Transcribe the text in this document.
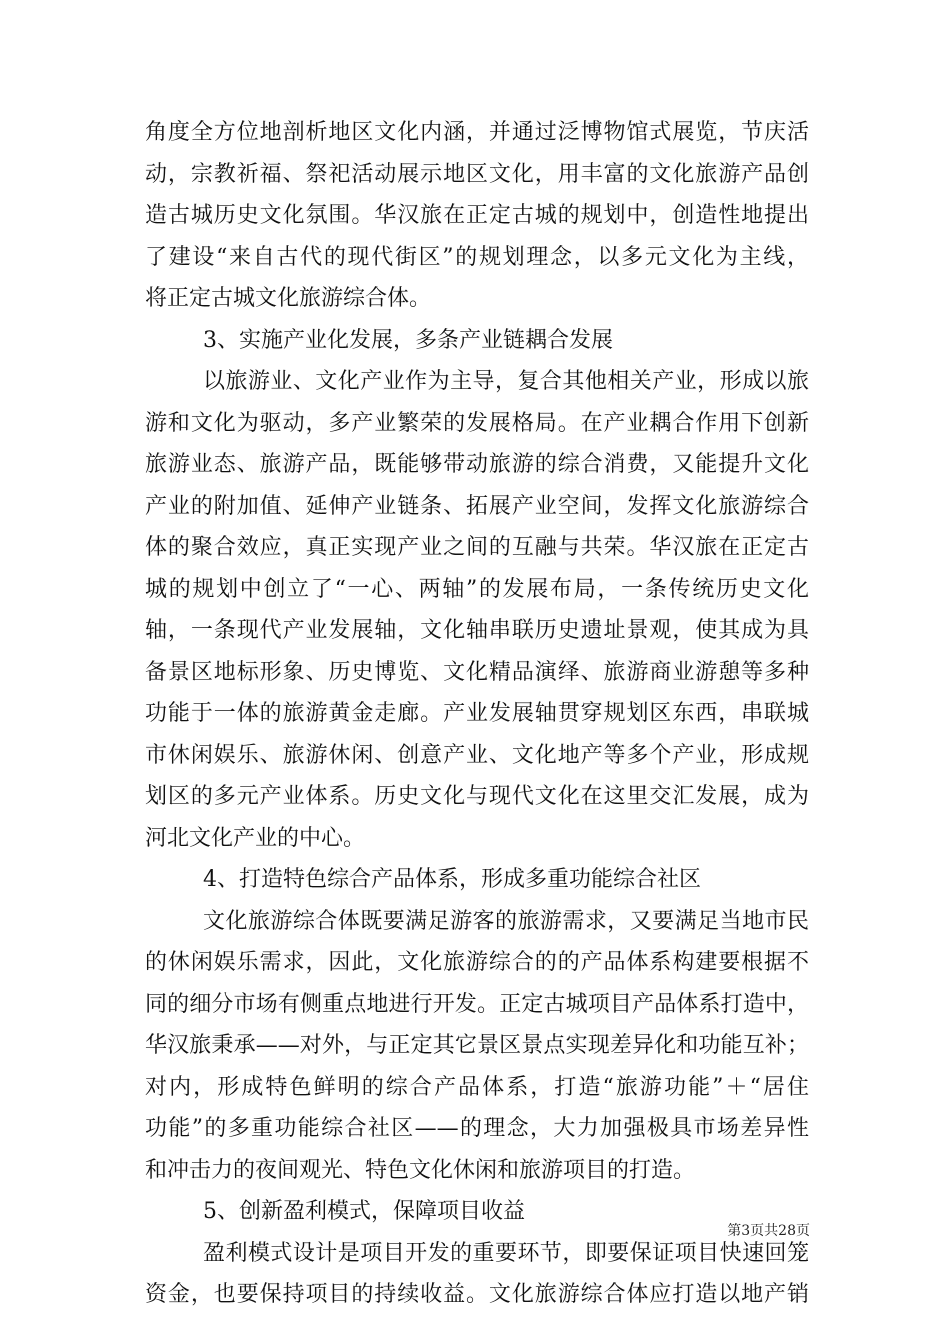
角度全方位地剖析地区文化内涵，并通过泛博物馆式展览，节庆活
动，宗教祈福、祭祀活动展示地区文化，用丰富的文化旅游产品创
造古城历史文化氛围。华汉旅在正定古城的规划中，创造性地提出
了建设“来自古代的现代街区”的规划理念，以多元文化为主线，
将正定古城文化旅游综合体。
3、实施产业化发展，多条产业链耦合发展
以旅游业、文化产业作为主导，复合其他相关产业，形成以旅
游和文化为驱动，多产业繁荣的发展格局。在产业耦合作用下创新
旅游业态、旅游产品，既能够带动旅游的综合消费，又能提升文化
产业的附加值、延伸产业链条、拓展产业空间，发挥文化旅游综合
体的聚合效应，真正实现产业之间的互融与共荣。华汉旅在正定古
城的规划中创立了“一心、两轴”的发展布局，一条传统历史文化
轴，一条现代产业发展轴，文化轴串联历史遗址景观，使其成为具
备景区地标形象、历史博览、文化精品演绎、旅游商业游憩等多种
功能于一体的旅游黄金走廊。产业发展轴贯穿规划区东西，串联城
市休闲娱乐、旅游休闲、创意产业、文化地产等多个产业，形成规
划区的多元产业体系。历史文化与现代文化在这里交汇发展，成为
河北文化产业的中心。
4、打造特色综合产品体系，形成多重功能综合社区
文化旅游综合体既要满足游客的旅游需求，又要满足当地市民
的休闲娱乐需求，因此，文化旅游综合的的产品体系构建要根据不
同的细分市场有侧重点地进行开发。正定古城项目产品体系打造中，
华汉旅秉承——对外，与正定其它景区景点实现差异化和功能互补；
对内，形成特色鲜明的综合产品体系，打造“旅游功能”＋“居住
功能”的多重功能综合社区——的理念，大力加强极具市场差异性
和冲击力的夜间观光、特色文化休闲和旅游项目的打造。
5、创新盈利模式，保障项目收益
盈利模式设计是项目开发的重要环节，即要保证项目快速回笼
资金，也要保持项目的持续收益。文化旅游综合体应打造以地产销
第3页共28页
